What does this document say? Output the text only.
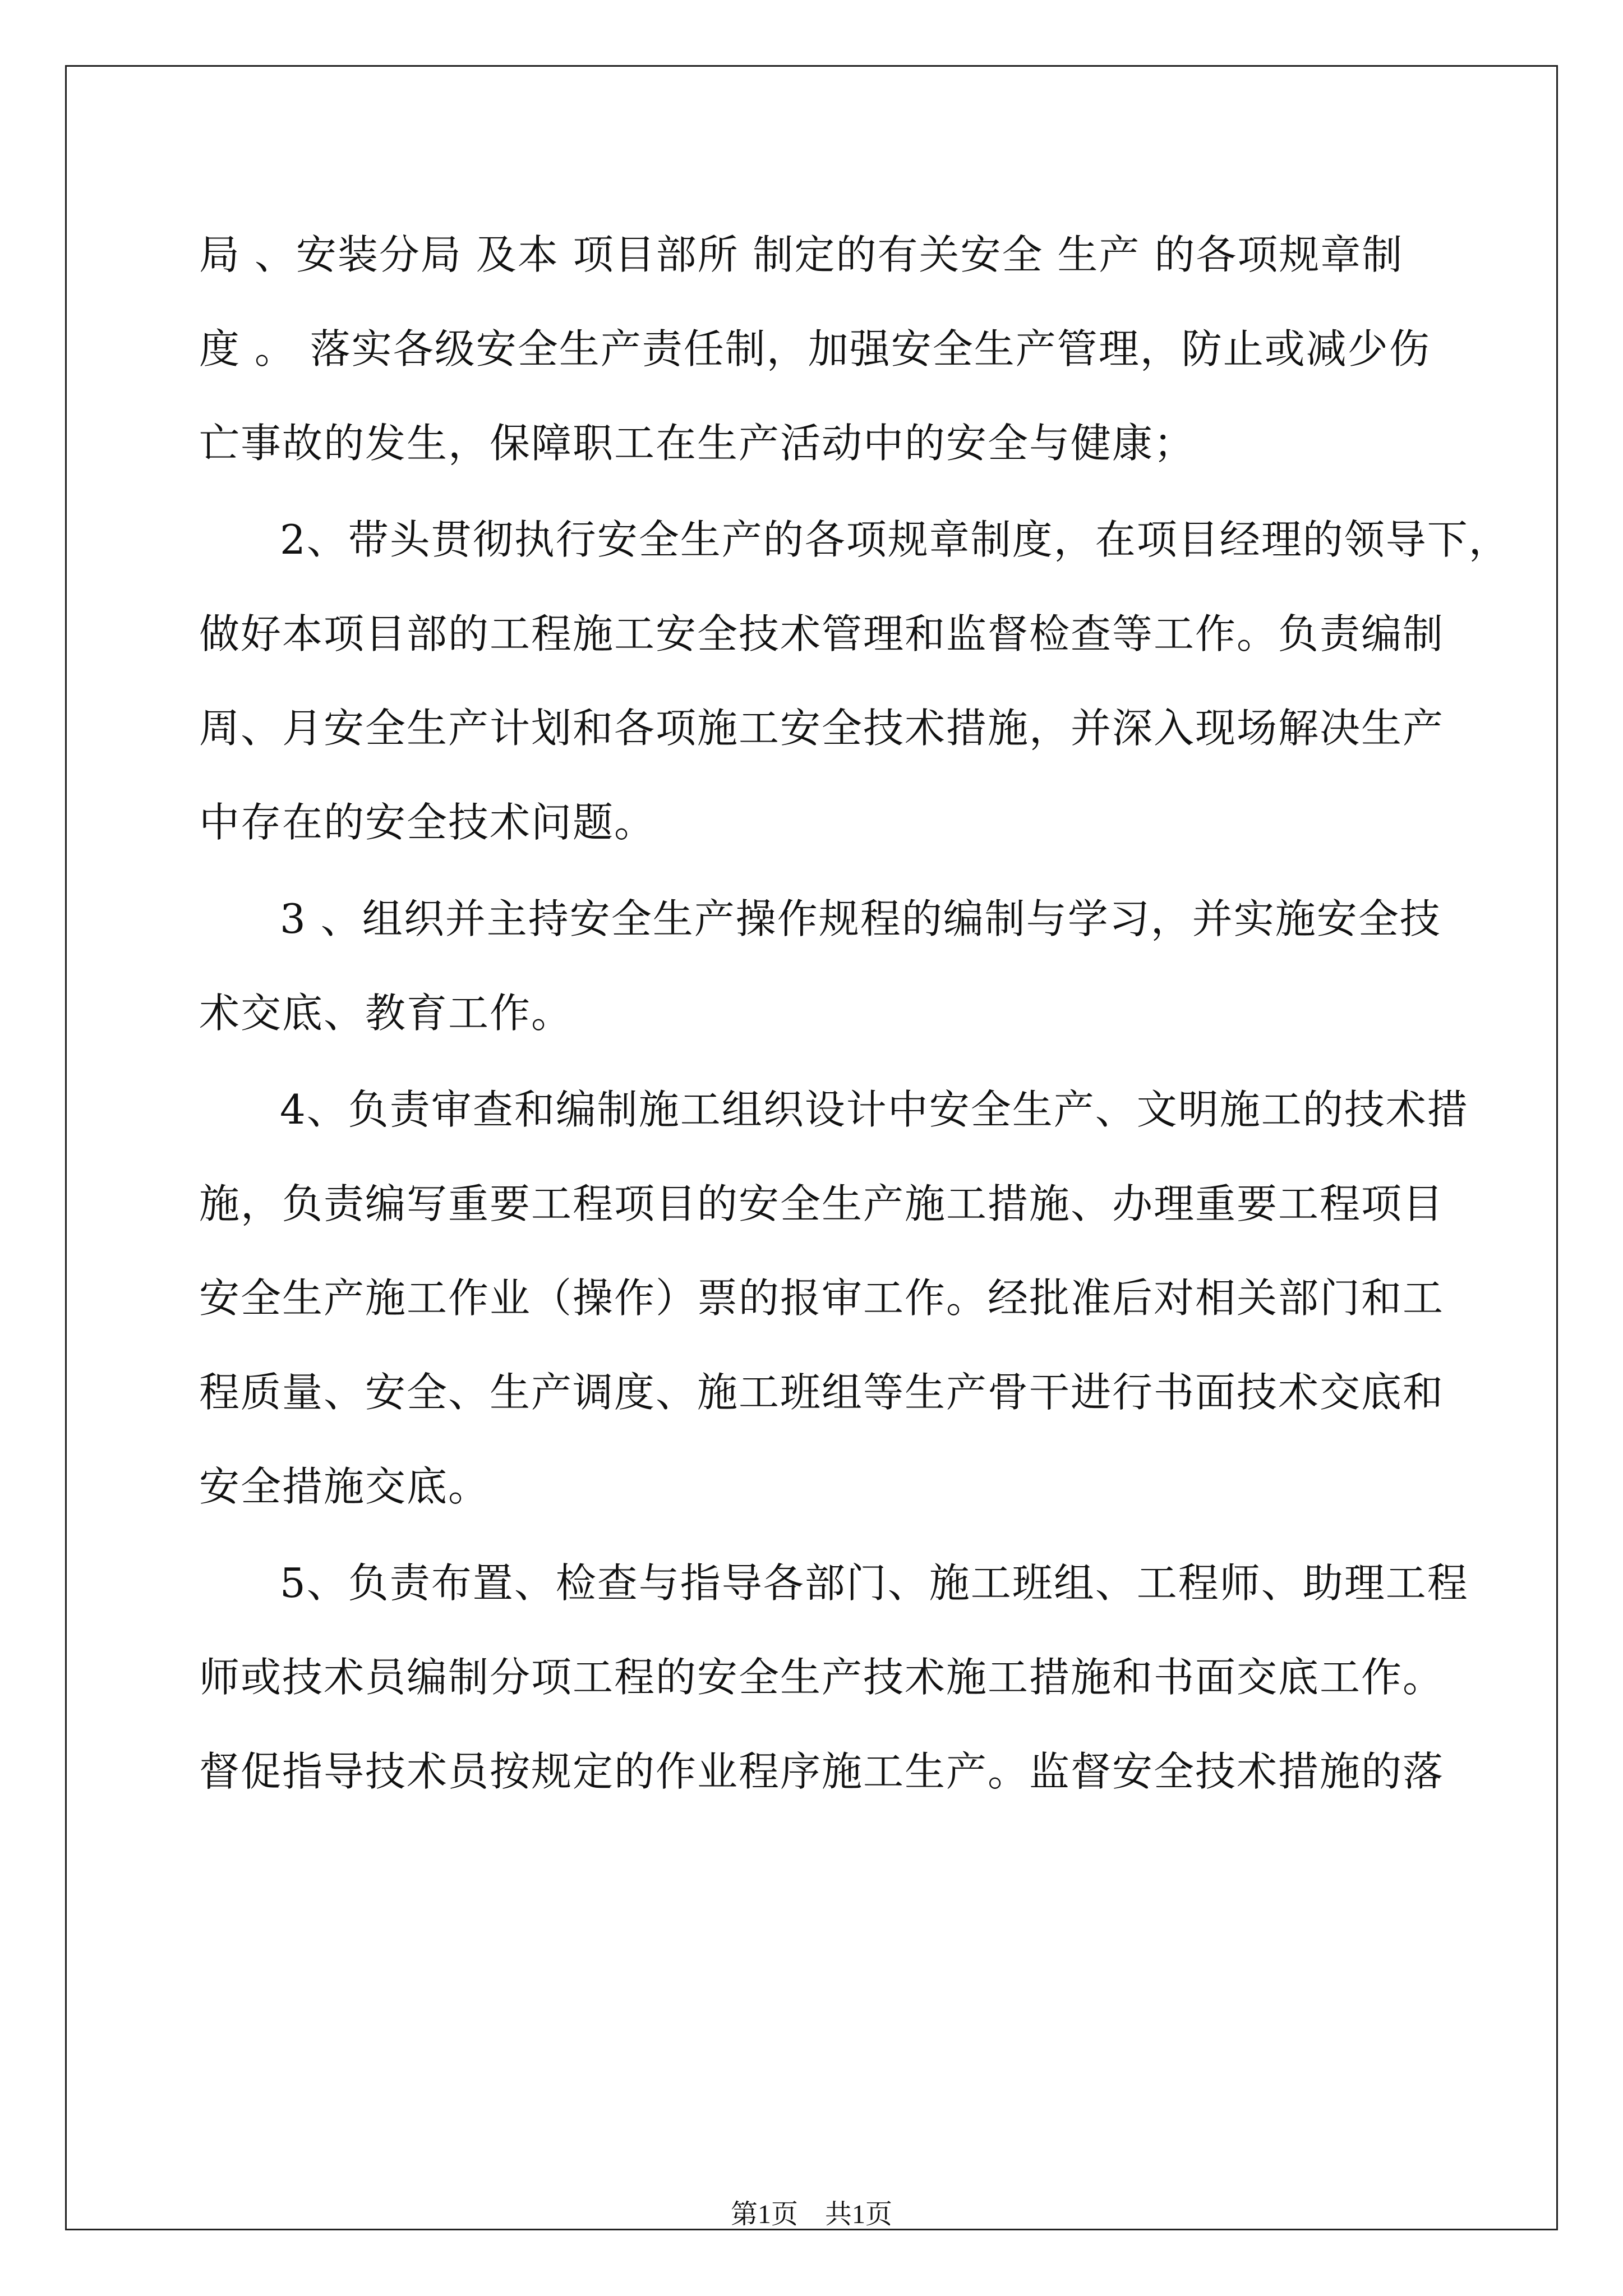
局 、安装分局 及本 项目部所 制定的有关安全 生产 的各项规章制
度 。 落实各级安全生产责任制，加强安全生产管理，防止或减少伤
亡事故的发生，保障职工在生产活动中的安全与健康；
2、带头贯彻执行安全生产的各项规章制度，在项目经理的领导下，
做好本项目部的工程施工安全技术管理和监督检查等工作。负责编制
周、月安全生产计划和各项施工安全技术措施，并深入现场解决生产
中存在的安全技术问题。
3 、组织并主持安全生产操作规程的编制与学习，并实施安全技
术交底、教育工作。
4、负责审查和编制施工组织设计中安全生产、文明施工的技术措
施，负责编写重要工程项目的安全生产施工措施、办理重要工程项目
安全生产施工作业（操作）票的报审工作。经批准后对相关部门和工
程质量、安全、生产调度、施工班组等生产骨干进行书面技术交底和
安全措施交底。
5、负责布置、检查与指导各部门、施工班组、工程师、助理工程
师或技术员编制分项工程的安全生产技术施工措施和书面交底工作。
督促指导技术员按规定的作业程序施工生产。监督安全技术措施的落
第1页    共1页
